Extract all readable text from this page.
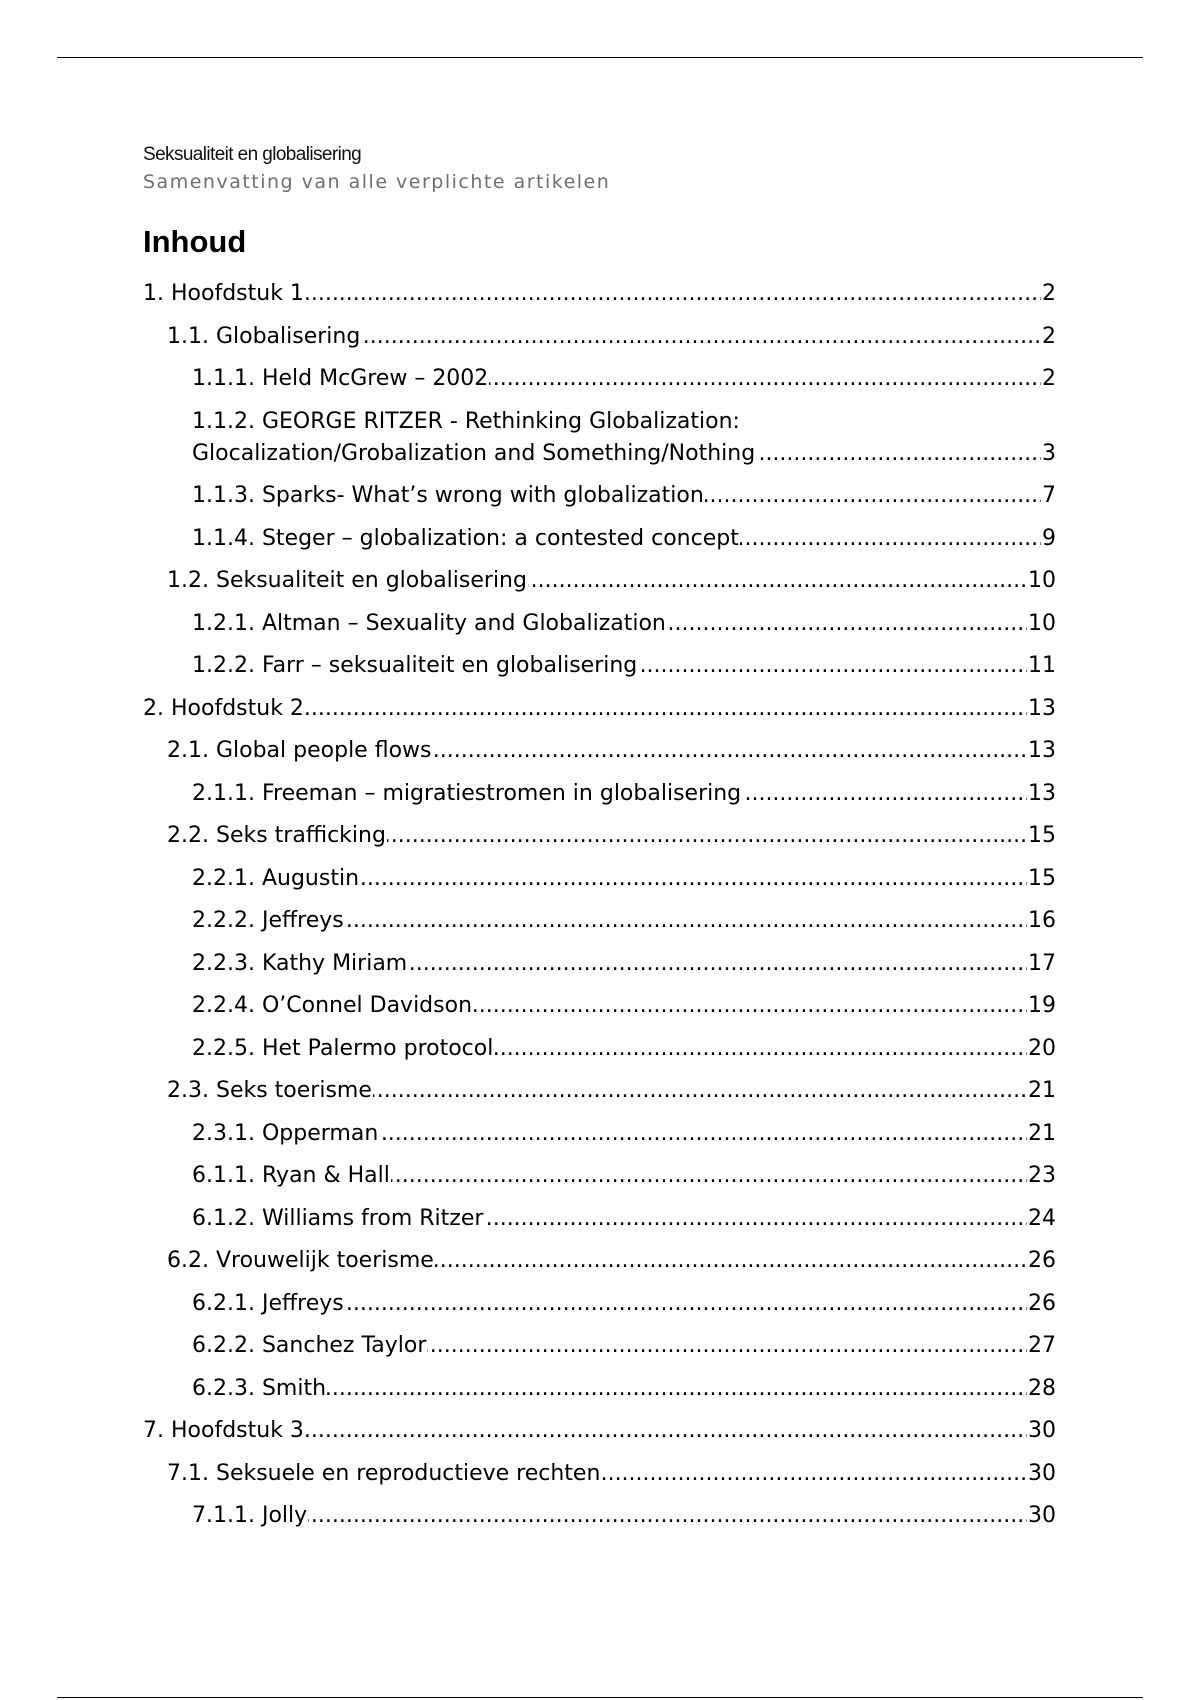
Seksualiteit en globalisering
Samenvatting van alle verplichte artikelen
Inhoud
1. Hoofdstuk 1	2
.....
1.1. Globalisering	2
.....
1.1.1. Held McGrew – 2002	2
.....
1.1.2. GEORGE RITZER - Rethinking Globalization:
Glocalization/Grobalization and Something/Nothing	3
.....
1.1.3. Sparks- What’s wrong with globalization	7
.....
1.1.4. Steger – globalization: a contested concept	9
.....
1.2. Seksualiteit en globalisering	10
.....
1.2.1. Altman – Sexuality and Globalization	10
.....
1.2.2. Farr – seksualiteit en globalisering	11
.....
2. Hoofdstuk 2	13
.....
2.1. Global people flows	13
.....
2.1.1. Freeman – migratiestromen in globalisering	13
.....
2.2. Seks trafficking	15
.....
2.2.1. Augustin	15
.....
2.2.2. Jeffreys	16
.....
2.2.3. Kathy Miriam	17
.....
2.2.4. O’Connel Davidson	19
.....
2.2.5. Het Palermo protocol	20
.....
2.3. Seks toerisme	21
.....
2.3.1. Opperman	21
.....
6.1.1. Ryan & Hall	23
.....
6.1.2. Williams from Ritzer	24
.....
6.2. Vrouwelijk toerisme	26
.....
6.2.1. Jeffreys	26
.....
6.2.2. Sanchez Taylor	27
.....
6.2.3. Smith	28
.....
7. Hoofdstuk 3	30
.....
7.1. Seksuele en reproductieve rechten	30
.....
7.1.1. Jolly	30
.....
